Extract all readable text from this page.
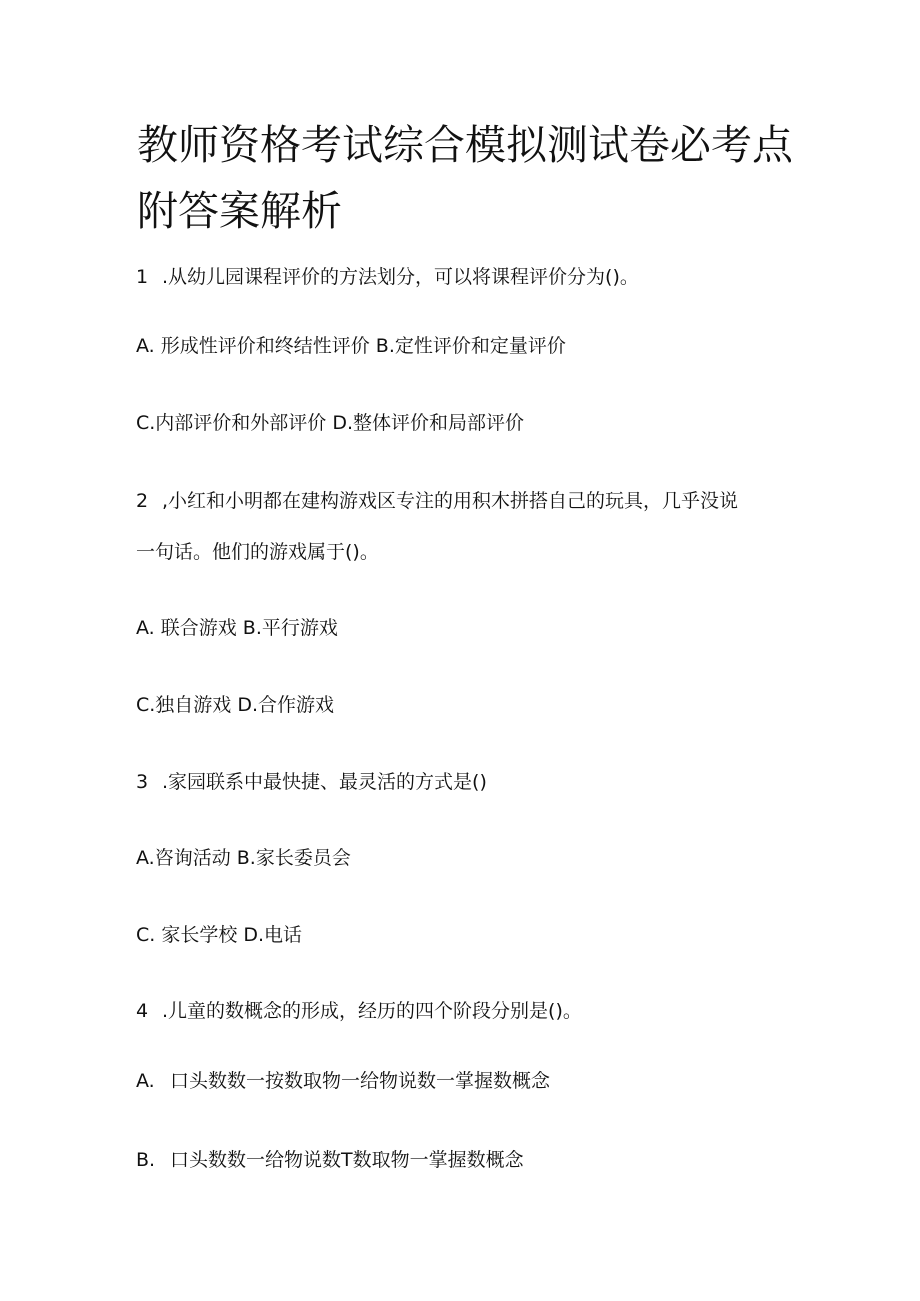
教师资格考试综合模拟测试卷必考点附答案解析
1 .从幼儿园课程评价的方法划分，可以将课程评价分为()。
A. 形成性评价和终结性评价 B.定性评价和定量评价
C.内部评价和外部评价 D.整体评价和局部评价
2 ,小红和小明都在建构游戏区专注的用积木拼搭自己的玩具，几乎没说
一句话。他们的游戏属于()。
A. 联合游戏 B.平行游戏
C.独自游戏 D.合作游戏
3 .家园联系中最快捷、最灵活的方式是()
A.咨询活动 B.家长委员会
C. 家长学校 D.电话
4 .儿童的数概念的形成，经历的四个阶段分别是()。
A. 口头数数一按数取物一给物说数一掌握数概念
B. 口头数数一给物说数T数取物一掌握数概念
